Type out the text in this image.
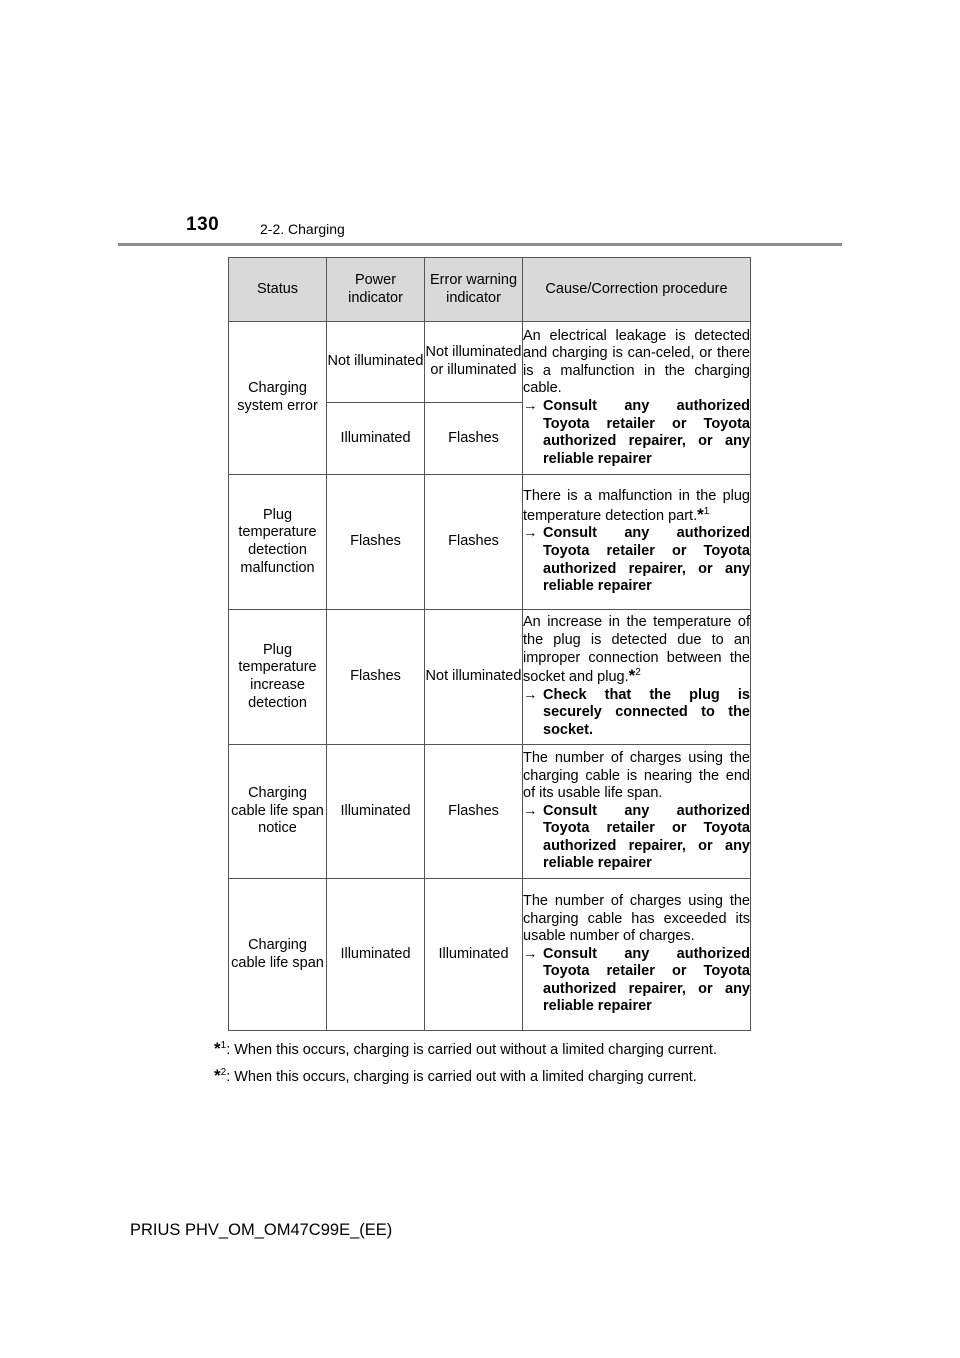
130	2-2. Charging
Status	Power indicator	Error warning indicator	Cause/Correction procedure
Charging system error	Not illuminated	Not illuminated or illuminated	An electrical leakage is detected and charging is can-celed, or there is a malfunction in the charging cable.
→ Consult any authorized Toyota retailer or Toyota authorized repairer, or any reliable repairer

	Illuminated	Flashes	
Plug temperature detection malfunction	Flashes	Flashes	There is a malfunction in the plug temperature detection part.*$^1$
→ Consult any authorized Toyota retailer or Toyota authorized repairer, or any reliable repairer

Plug temperature increase detection	Flashes	Not illuminated	An increase in the temperature of the plug is detected due to an improper connection between the socket and plug.*$^2$
→ Check that the plug is securely connected to the socket.

Charging cable life span notice	Illuminated	Flashes	The number of charges using the charging cable is nearing the end of its usable life span.
→ Consult any authorized Toyota retailer or Toyota authorized repairer, or any reliable repairer

Charging cable life span	Illuminated	Illuminated	The number of charges using the charging cable has exceeded its usable number of charges.
→ Consult any authorized Toyota retailer or Toyota authorized repairer, or any reliable repairer
*$^1$: When this occurs, charging is carried out without a limited charging current.
*$^2$: When this occurs, charging is carried out with a limited charging current.
PRIUS PHV_OM_OM47C99E_(EE)
